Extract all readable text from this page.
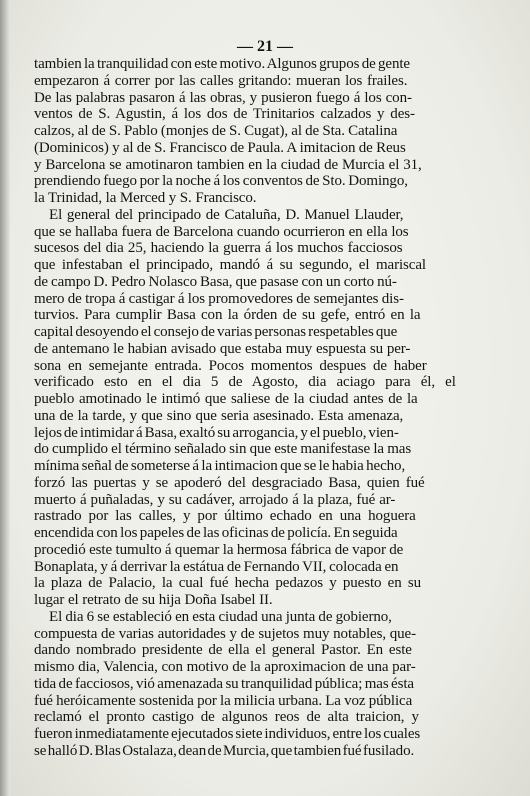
— 21 —
tambien la tranquilidad con este motivo. Algunos grupos de gente
empezaron á correr por las calles gritando: mueran los frailes.
De las palabras pasaron á las obras, y pusieron fuego á los con-
ventos de S. Agustin, á los dos de Trinitarios calzados y des-
calzos, al de S. Pablo (monjes de S. Cugat), al de Sta. Catalina
(Dominicos) y al de S. Francisco de Paula. A imitacion de Reus
y Barcelona se amotinaron tambien en la ciudad de Murcia el 31,
prendiendo fuego por la noche á los conventos de Sto. Domingo,
la Trinidad, la Merced y S. Francisco.
El general del principado de Cataluña, D. Manuel Llauder,
que se hallaba fuera de Barcelona cuando ocurrieron en ella los
sucesos del dia 25, haciendo la guerra á los muchos facciosos
que infestaban el principado, mandó á su segundo, el mariscal
de campo D. Pedro Nolasco Basa, que pasase con un corto nú-
mero de tropa á castigar á los promovedores de semejantes dis-
turvios. Para cumplir Basa con la órden de su gefe, entró en la
capital desoyendo el consejo de varias personas respetables que
de antemano le habian avisado que estaba muy espuesta su per-
sona en semejante entrada. Pocos momentos despues de haber
verificado esto en el dia 5 de Agosto, dia aciago para él, el
pueblo amotinado le intimó que saliese de la ciudad antes de la
una de la tarde, y que sino que seria asesinado. Esta amenaza,
lejos de intimidar á Basa, exaltó su arrogancia, y el pueblo, vien-
do cumplido el término señalado sin que este manifestase la mas
mínima señal de someterse á la intimacion que se le habia hecho,
forzó las puertas y se apoderó del desgraciado Basa, quien fué
muerto á puñaladas, y su cadáver, arrojado á la plaza, fué ar-
rastrado por las calles, y por último echado en una hoguera
encendida con los papeles de las oficinas de policía. En seguida
procedió este tumulto á quemar la hermosa fábrica de vapor de
Bonaplata, y á derrivar la estátua de Fernando VII, colocada en
la plaza de Palacio, la cual fué hecha pedazos y puesto en su
lugar el retrato de su hija Doña Isabel II.
El dia 6 se estableció en esta ciudad una junta de gobierno,
compuesta de varias autoridades y de sujetos muy notables, que-
dando nombrado presidente de ella el general Pastor. En este
mismo dia, Valencia, con motivo de la aproximacion de una par-
tida de facciosos, vió amenazada su tranquilidad pública; mas ésta
fué heróicamente sostenida por la milicia urbana. La voz pública
reclamó el pronto castigo de algunos reos de alta traicion, y
fueron inmediatamente ejecutados siete individuos, entre los cuales
se halló D. Blas Ostalaza, dean de Murcia, que tambien fué fusilado.
